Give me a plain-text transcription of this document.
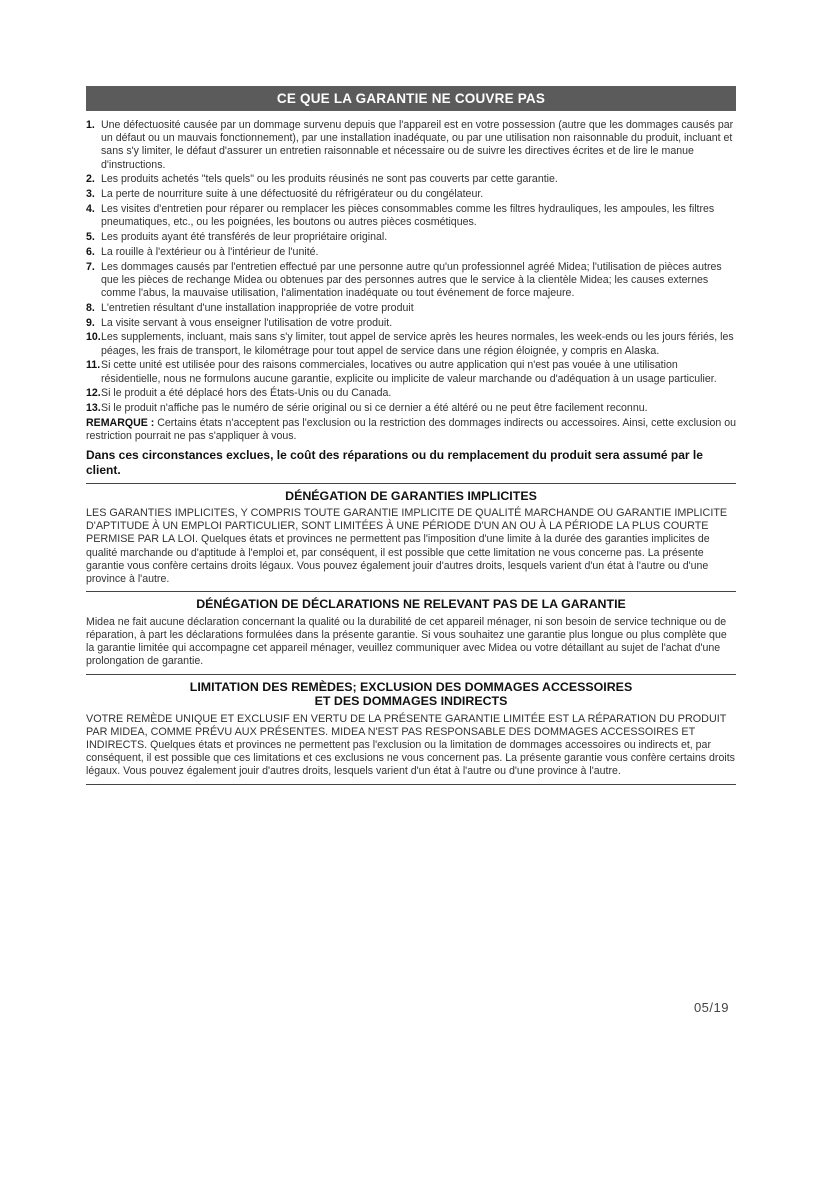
CE QUE LA GARANTIE NE COUVRE PAS
1. Une défectuosité causée par un dommage survenu depuis que l'appareil est en votre possession (autre que les dommages causés par un défaut ou un mauvais fonctionnement), par une installation inadéquate, ou par une utilisation non raisonnable du produit, incluant et sans s'y limiter, le défaut d'assurer un entretien raisonnable et nécessaire ou de suivre les directives écrites et de lire le manue d'instructions.
2. Les produits achetés "tels quels" ou les produits réusinés ne sont pas couverts par cette garantie.
3. La perte de nourriture suite à une défectuosité du réfrigérateur ou du congélateur.
4. Les visites d'entretien pour réparer ou remplacer les pièces consommables comme les filtres hydrauliques, les ampoules, les filtres pneumatiques, etc., ou les poignées, les boutons ou autres pièces cosmétiques.
5. Les produits ayant été transférés de leur propriétaire original.
6. La rouille à l'extérieur ou à l'intérieur de l'unité.
7. Les dommages causés par l'entretien effectué par une personne autre qu'un professionnel agréé Midea; l'utilisation de pièces autres que les pièces de rechange Midea ou obtenues par des personnes autres que le service à la clientèle Midea; les causes externes comme l'abus, la mauvaise utilisation, l'alimentation inadéquate ou tout événement de force majeure.
8. L'entretien résultant d'une installation inappropriée de votre produit
9. La visite servant à vous enseigner l'utilisation de votre produit.
10. Les supplements, incluant, mais sans s'y limiter, tout appel de service après les heures normales, les week-ends ou les jours fériés, les péages, les frais de transport, le kilométrage pour tout appel de service dans une région éloignée, y compris en Alaska.
11. Si cette unité est utilisée pour des raisons commerciales, locatives ou autre application qui n'est pas vouée à une utilisation résidentielle, nous ne formulons aucune garantie, explicite ou implicite de valeur marchande ou d'adéquation à un usage particulier.
12. Si le produit a été déplacé hors des États-Unis ou du Canada.
13. Si le produit n'affiche pas le numéro de série original ou si ce dernier a été altéré ou ne peut être facilement reconnu.
REMARQUE : Certains états n'acceptent pas l'exclusion ou la restriction des dommages indirects ou accessoires. Ainsi, cette exclusion ou restriction pourrait ne pas s'appliquer à vous.
Dans ces circonstances exclues, le coût des réparations ou du remplacement du produit sera assumé par le client.
DÉNÉGATION DE GARANTIES IMPLICITES
LES GARANTIES IMPLICITES, Y COMPRIS TOUTE GARANTIE IMPLICITE DE QUALITÉ MARCHANDE OU GARANTIE IMPLICITE D'APTITUDE À UN EMPLOI PARTICULIER, SONT LIMITÉES À UNE PÉRIODE D'UN AN OU À LA PÉRIODE LA PLUS COURTE PERMISE PAR LA LOI. Quelques états et provinces ne permettent pas l'imposition d'une limite à la durée des garanties implicites de qualité marchande ou d'aptitude à l'emploi et, par conséquent, il est possible que cette limitation ne vous concerne pas. La présente garantie vous confère certains droits légaux. Vous pouvez également jouir d'autres droits, lesquels varient d'un état à l'autre ou d'une province à l'autre.
DÉNÉGATION DE DÉCLARATIONS NE RELEVANT PAS DE LA GARANTIE
Midea ne fait aucune déclaration concernant la qualité ou la durabilité de cet appareil ménager, ni son besoin de service technique ou de réparation, à part les déclarations formulées dans la présente garantie. Si vous souhaitez une garantie plus longue ou plus complète que la garantie limitée qui accompagne cet appareil ménager, veuillez communiquer avec Midea ou votre détaillant au sujet de l'achat d'une prolongation de garantie.
LIMITATION DES REMÈDES; EXCLUSION DES DOMMAGES ACCESSOIRES
ET DES DOMMAGES INDIRECTS
VOTRE REMÈDE UNIQUE ET EXCLUSIF EN VERTU DE LA PRÉSENTE GARANTIE LIMITÉE EST LA RÉPARATION DU PRODUIT PAR MIDEA, COMME PRÉVU AUX PRÉSENTES. MIDEA N'EST PAS RESPONSABLE DES DOMMAGES ACCESSOIRES ET INDIRECTS. Quelques états et provinces ne permettent pas l'exclusion ou la limitation de dommages accessoires ou indirects et, par conséquent, il est possible que ces limitations et ces exclusions ne vous concernent pas. La présente garantie vous confère certains droits légaux. Vous pouvez également jouir d'autres droits, lesquels varient d'un état à l'autre ou d'une province à l'autre.
05/19
